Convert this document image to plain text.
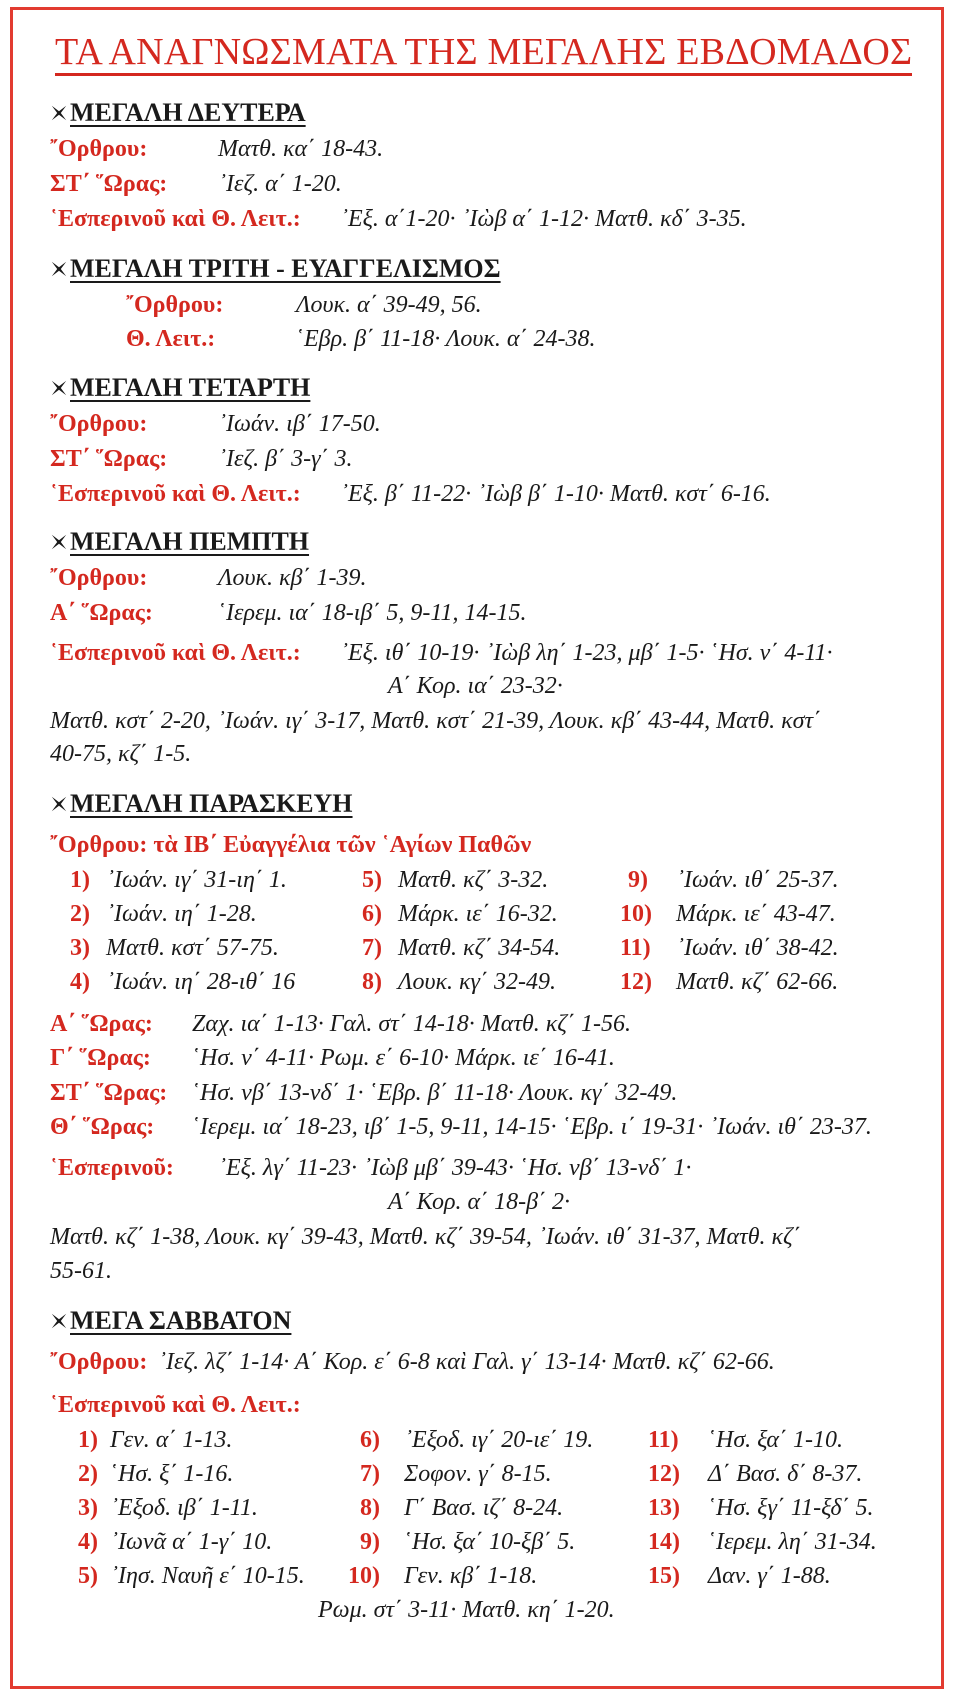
ΤΑ ΑΝΑΓΝΩΣΜΑΤΑ ΤΗΣ ΜΕΓΑΛΗΣ ΕΒΔΟΜΑΔΟΣ
ΜΕΓΑΛΗ ΔΕΥΤΕΡΑ
῎Ορθρου:	Ματθ. κα΄ 18-43.
ΣΤ΄ ῞Ωρας: ᾽Ιεζ. α΄ 1-20.
῾Εσπερινοῦ καὶ Θ. Λειτ.: ᾽Εξ. α΄1-20· ᾽Ιὼβ α΄ 1-12· Ματθ. κδ΄ 3-35.
ΜΕΓΑΛΗ ΤΡΙΤΗ - ΕΥΑΓΓΕΛΙΣΜΟΣ
῎Ορθρου:	Λουκ. α΄ 39-49, 56.
Θ. Λειτ.:	῾Εβρ. β΄ 11-18· Λουκ. α΄ 24-38.
ΜΕΓΑΛΗ ΤΕΤΑΡΤΗ
῎Ορθρου:	᾽Ιωάν. ιβ΄ 17-50.
ΣΤ΄ ῞Ωρας: ᾽Ιεζ. β΄ 3-γ΄ 3.
῾Εσπερινοῦ καὶ Θ. Λειτ.: ᾽Εξ. β΄ 11-22· ᾽Ιὼβ β΄ 1-10· Ματθ. κστ΄ 6-16.
ΜΕΓΑΛΗ ΠΕΜΠΤΗ
῎Ορθρου:	Λουκ. κβ΄ 1-39.
Α΄ ῞Ωρας:	῾Ιερεμ. ια΄ 18-ιβ΄ 5, 9-11, 14-15.
῾Εσπερινοῦ καὶ Θ. Λειτ.: ᾽Εξ. ιθ΄ 10-19· ᾽Ιὼβ λη΄ 1-23, μβ΄ 1-5· ῾Ησ. ν΄ 4-11·
Α΄ Κορ. ια΄ 23-32·
Ματθ. κστ΄ 2-20, ᾽Ιωάν. ιγ΄ 3-17, Ματθ. κστ΄ 21-39, Λουκ. κβ΄ 43-44, Ματθ. κστ΄
40-75, κζ΄ 1-5.
ΜΕΓΑΛΗ ΠΑΡΑΣΚΕΥΗ
῎Ορθρου: τὰ ΙΒ΄ Εὐαγγέλια τῶν ῾Αγίων Παθῶν
1) ᾽Ιωάν. ιγ΄ 31-ιη΄ 1.
2) ᾽Ιωάν. ιη΄ 1-28.
3) Ματθ. κστ΄ 57-75.
4) ᾽Ιωάν. ιη΄ 28-ιθ΄ 16
5) Ματθ. κζ΄ 3-32.
6) Μάρκ. ιε΄ 16-32.
7) Ματθ. κζ΄ 34-54.
8) Λουκ. κγ΄ 32-49.
9) ᾽Ιωάν. ιθ΄ 25-37.
10) Μάρκ. ιε΄ 43-47.
11) ᾽Ιωάν. ιθ΄ 38-42.
12) Ματθ. κζ΄ 62-66.
Α΄ ῞Ωρας: Ζαχ. ια΄ 1-13· Γαλ. στ΄ 14-18· Ματθ. κζ΄ 1-56.
Γ΄ ῞Ωρας: ῾Ησ. ν΄ 4-11· Ρωμ. ε΄ 6-10· Μάρκ. ιε΄ 16-41.
ΣΤ΄ ῞Ωρας: ῾Ησ. νβ΄ 13-νδ΄ 1· ῾Εβρ. β΄ 11-18· Λουκ. κγ΄ 32-49.
Θ΄ ῞Ωρας: ῾Ιερεμ. ια΄ 18-23, ιβ΄ 1-5, 9-11, 14-15· ῾Εβρ. ι΄ 19-31· ᾽Ιωάν. ιθ΄ 23-37.
῾Εσπερινοῦ: ᾽Εξ. λγ΄ 11-23· ᾽Ιὼβ μβ΄ 39-43· ῾Ησ. νβ΄ 13-νδ΄ 1·
Α΄ Κορ. α΄ 18-β΄ 2·
Ματθ. κζ΄ 1-38, Λουκ. κγ΄ 39-43, Ματθ. κζ΄ 39-54, ᾽Ιωάν. ιθ΄ 31-37, Ματθ. κζ΄
55-61.
ΜΕΓΑ ΣΑΒΒΑΤΟΝ
῎Ορθρου: ᾽Ιεζ. λζ΄ 1-14· Α΄ Κορ. ε΄ 6-8 καὶ Γαλ. γ΄ 13-14· Ματθ. κζ΄ 62-66.
῾Εσπερινοῦ καὶ Θ. Λειτ.:
1) Γεν. α΄ 1-13.
2) ῾Ησ. ξ΄ 1-16.
3) ᾽Εξοδ. ιβ΄ 1-11.
4) ᾽Ιωνᾶ α΄ 1-γ΄ 10.
5) ᾽Ιησ. Ναυῆ ε΄ 10-15.
6) ᾽Εξοδ. ιγ΄ 20-ιε΄ 19.
7) Σοφον. γ΄ 8-15.
8) Γ΄ Βασ. ιζ΄ 8-24.
9) ῾Ησ. ξα΄ 10-ξβ΄ 5.
10) Γεν. κβ΄ 1-18.
11) ῾Ησ. ξα΄ 1-10.
12) Δ΄ Βασ. δ΄ 8-37.
13) ῾Ησ. ξγ΄ 11-ξδ΄ 5.
14) ῾Ιερεμ. λη΄ 31-34.
15) Δαν. γ΄ 1-88.
Ρωμ. στ΄ 3-11· Ματθ. κη΄ 1-20.
